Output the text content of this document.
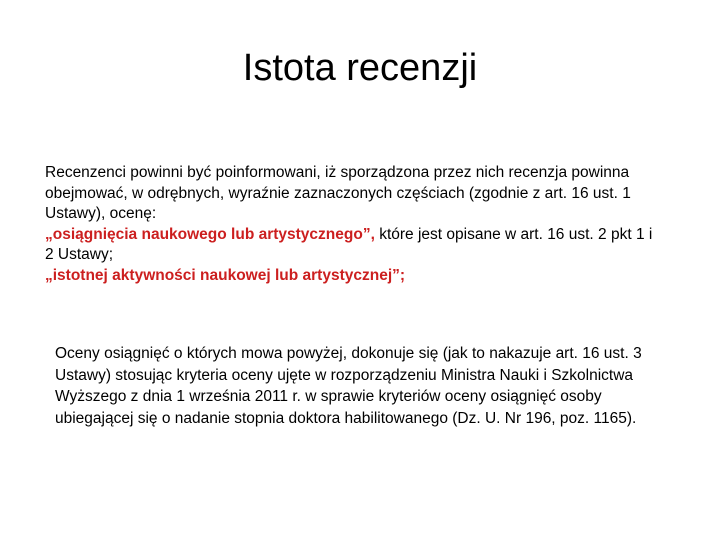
Istota recenzji
Recenzenci powinni być poinformowani, iż sporządzona przez nich recenzja powinna
obejmować, w odrębnych, wyraźnie zaznaczonych częściach (zgodnie z art. 16 ust. 1
Ustawy), ocenę:
„osiągnięcia naukowego lub artystycznego”, które jest opisane w art. 16 ust. 2 pkt 1 i
2 Ustawy;
„istotnej aktywności naukowej lub artystycznej”;
Oceny osiągnięć o których mowa powyżej, dokonuje się (jak to nakazuje art. 16 ust. 3
Ustawy) stosując kryteria oceny ujęte w rozporządzeniu Ministra Nauki i Szkolnictwa
Wyższego z dnia 1 września 2011 r. w sprawie kryteriów oceny osiągnięć osoby
ubiegającej się o nadanie stopnia doktora habilitowanego (Dz. U. Nr 196, poz. 1165).
